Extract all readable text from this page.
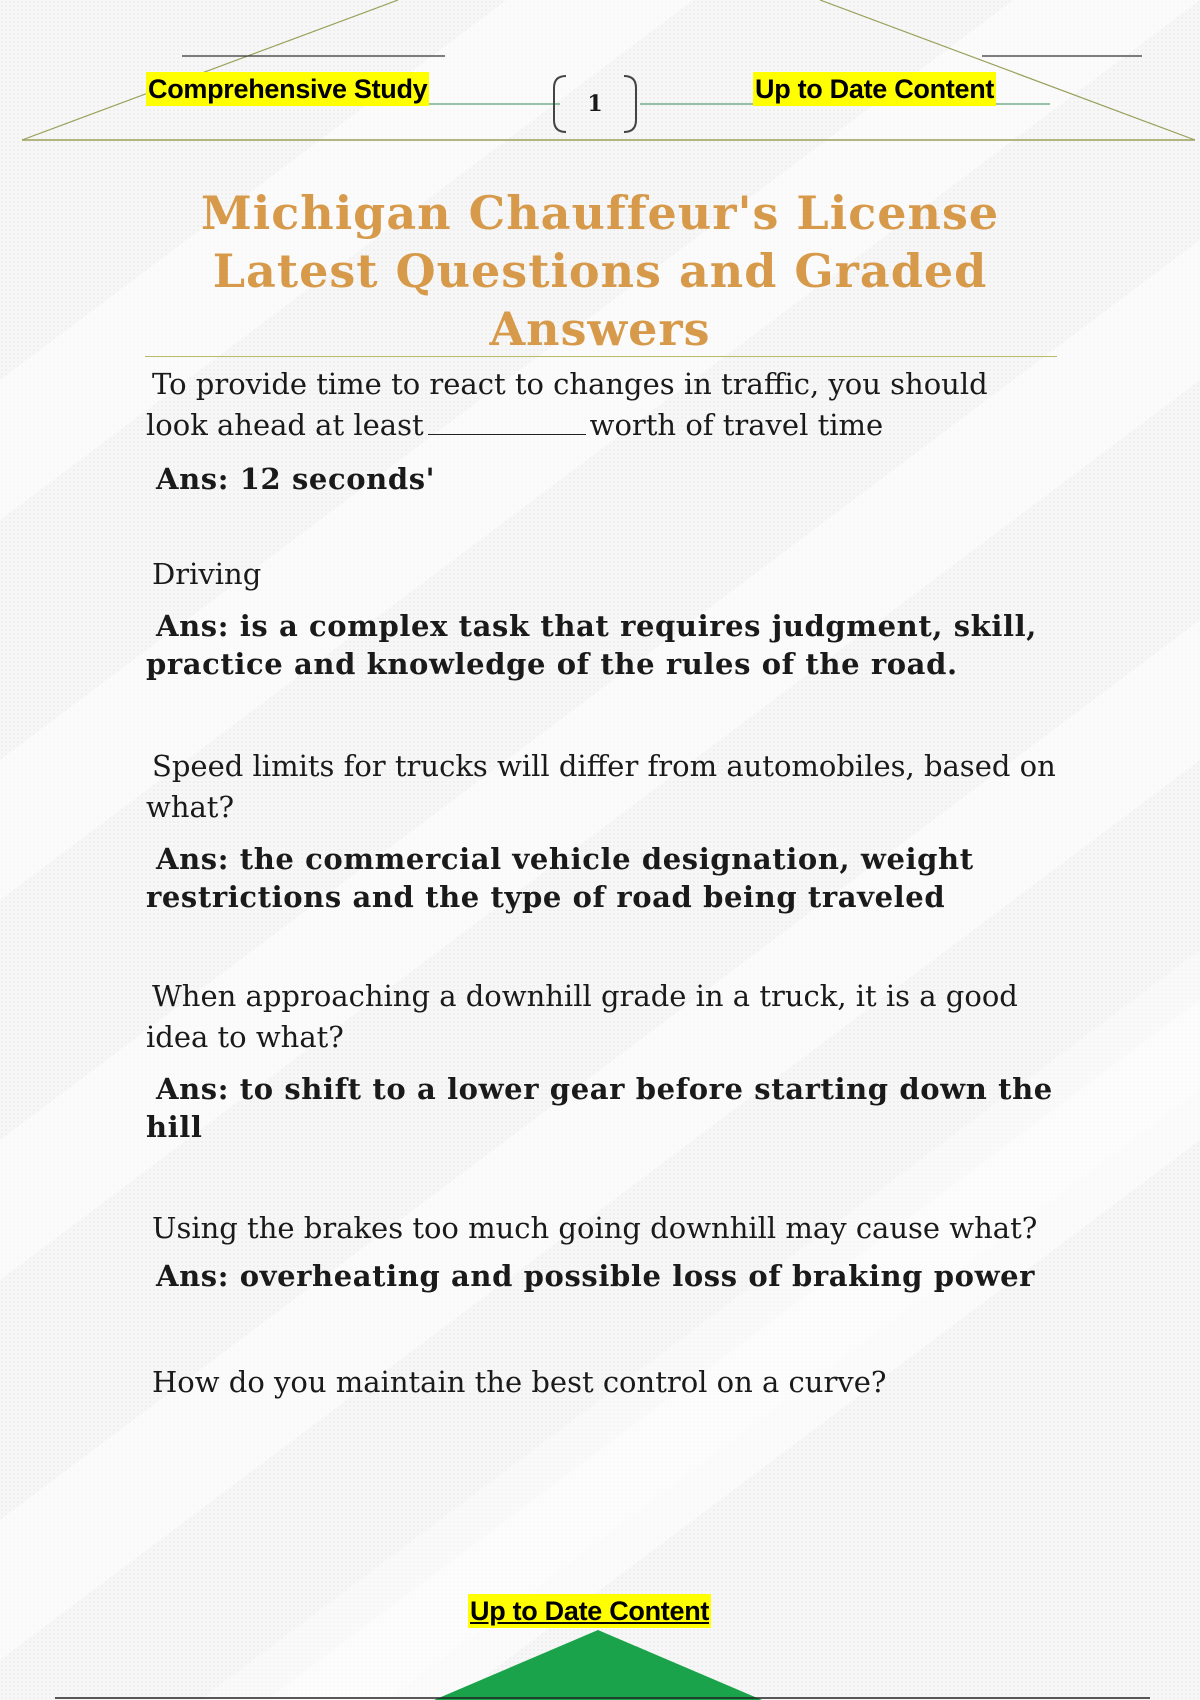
Comprehensive Study	1	Up to Date Content
Michigan Chauffeur's License Latest Questions and Graded Answers

To provide time to react to changes in traffic, you should look ahead at least	worth of travel time

Ans: 12 seconds'

Driving

Ans: is a complex task that requires judgment, skill, practice and knowledge of the rules of the road.

Speed limits for trucks will differ from automobiles, based on what?

Ans: the commercial vehicle designation, weight restrictions and the type of road being traveled

When approaching a downhill grade in a truck, it is a good idea to what?

Ans: to shift to a lower gear before starting down the hill

Using the brakes too much going downhill may cause what?

Ans: overheating and possible loss of braking power

How do you maintain the best control on a curve?

Up to Date Content
